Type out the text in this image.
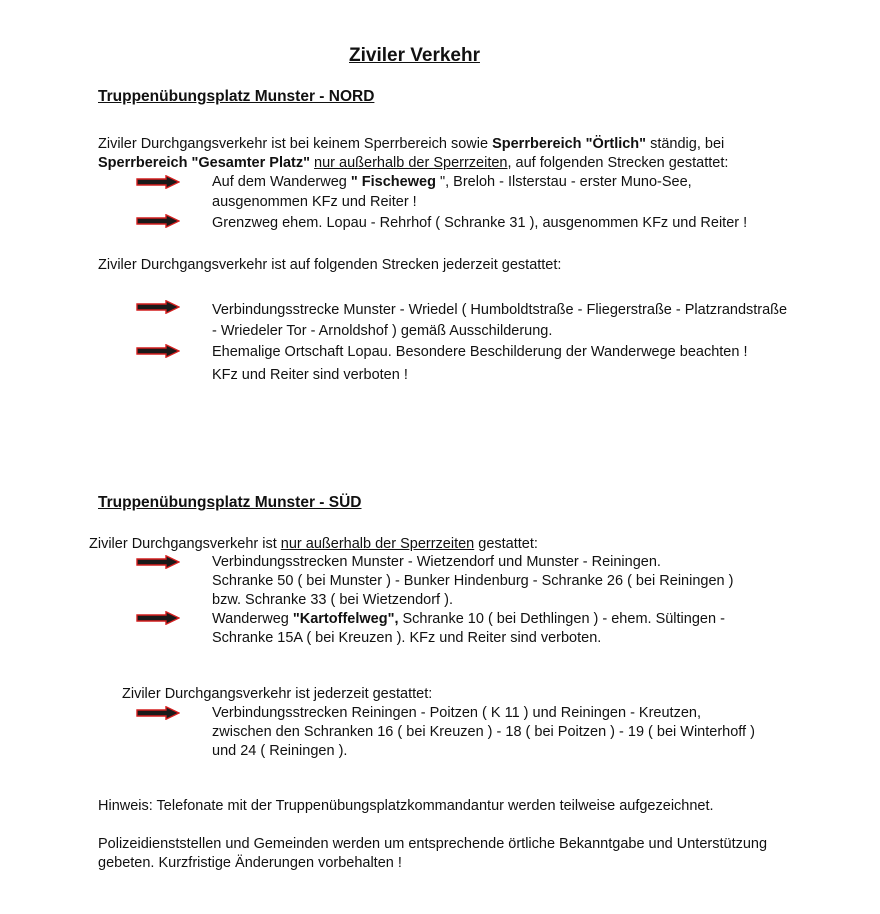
Ziviler Verkehr
Truppenübungsplatz Munster - NORD
Ziviler Durchgangsverkehr ist bei keinem Sperrbereich sowie Sperrbereich "Örtlich" ständig, bei
Sperrbereich "Gesamter Platz" nur außerhalb der Sperrzeiten, auf folgenden Strecken gestattet:
Auf dem Wanderweg " Fischeweg ", Breloh - Ilsterstau - erster Muno-See,
ausgenommen KFz und Reiter !
Grenzweg ehem. Lopau - Rehrhof ( Schranke 31 ), ausgenommen KFz und Reiter !
Ziviler Durchgangsverkehr ist auf folgenden Strecken jederzeit gestattet:
Verbindungsstrecke Munster - Wriedel ( Humboldtstraße - Fliegerstraße - Platzrandstraße
- Wriedeler Tor - Arnoldshof ) gemäß Ausschilderung.
Ehemalige Ortschaft Lopau. Besondere Beschilderung der Wanderwege beachten !
KFz und Reiter sind verboten !
Truppenübungsplatz Munster - SÜD
Ziviler Durchgangsverkehr ist nur außerhalb der Sperrzeiten gestattet:
Verbindungsstrecken Munster - Wietzendorf und Munster - Reiningen.
Schranke 50 ( bei Munster ) - Bunker Hindenburg - Schranke 26 ( bei Reiningen )
bzw. Schranke 33 ( bei Wietzendorf ).
Wanderweg "Kartoffelweg", Schranke 10 ( bei Dethlingen ) - ehem. Sültingen -
Schranke 15A ( bei Kreuzen ). KFz und Reiter sind verboten.
Ziviler Durchgangsverkehr ist jederzeit gestattet:
Verbindungsstrecken Reiningen - Poitzen ( K 11 ) und Reiningen - Kreutzen,
zwischen den Schranken 16 ( bei Kreuzen ) - 18 ( bei Poitzen ) - 19 ( bei Winterhoff )
und 24 ( Reiningen ).
Hinweis: Telefonate mit der Truppenübungsplatzkommandantur werden teilweise aufgezeichnet.
Polizeidienststellen und Gemeinden werden um entsprechende örtliche Bekanntgabe und Unterstützung
gebeten. Kurzfristige Änderungen vorbehalten !
